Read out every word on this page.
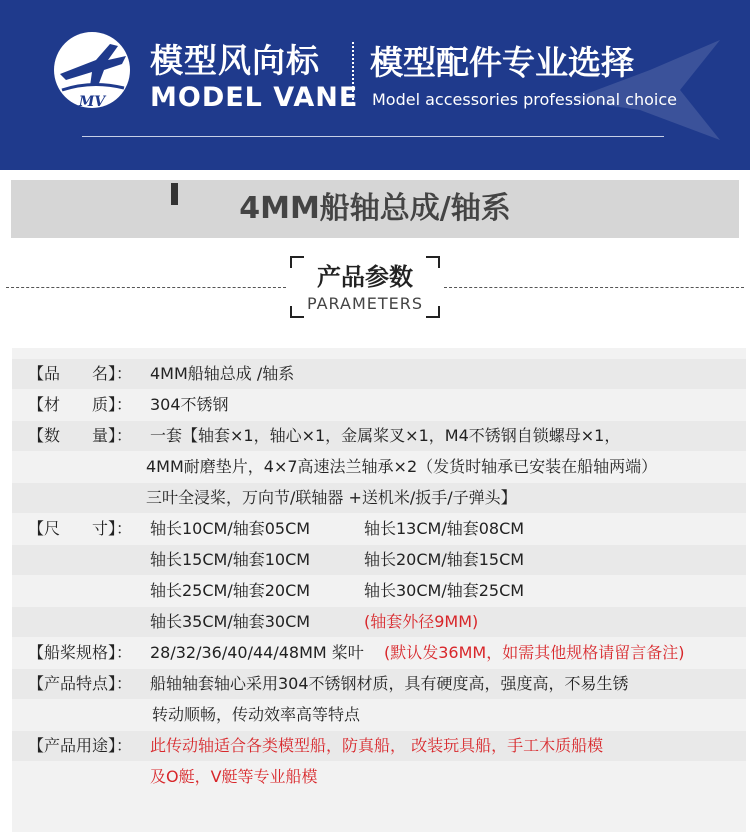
MV
模型风向标
MODEL VANE
模型配件专业选择
Model accessories professional choice
4MM船轴总成/轴系
产品参数
PARAMETERS
【品　　名】： 4MM船轴总成 /轴系
【材　　质】： 304不锈钢
【数　　量】： 一套【轴套×1，轴心×1，金属桨叉×1，M4不锈钢自锁螺母×1，
4MM耐磨垫片，4×7高速法兰轴承×2（发货时轴承已安装在船轴两端）
三叶全浸桨，万向节/联轴器 +送机米/扳手/子弹头】
【尺　　寸】： 轴长10CM/轴套05CM	轴长13CM/轴套08CM
轴长15CM/轴套10CM	轴长20CM/轴套15CM
轴长25CM/轴套20CM	轴长30CM/轴套25CM
轴长35CM/轴套30CM	(轴套外径9MM)
【船桨规格】： 28/32/36/40/44/48MM 桨叶 (默认发36MM，如需其他规格请留言备注)
【产品特点】： 船轴轴套轴心采用304不锈钢材质，具有硬度高，强度高，不易生锈
转动顺畅，传动效率高等特点
【产品用途】： 此传动轴适合各类模型船，防真船， 改装玩具船，手工木质船模
及O艇，V艇等专业船模
